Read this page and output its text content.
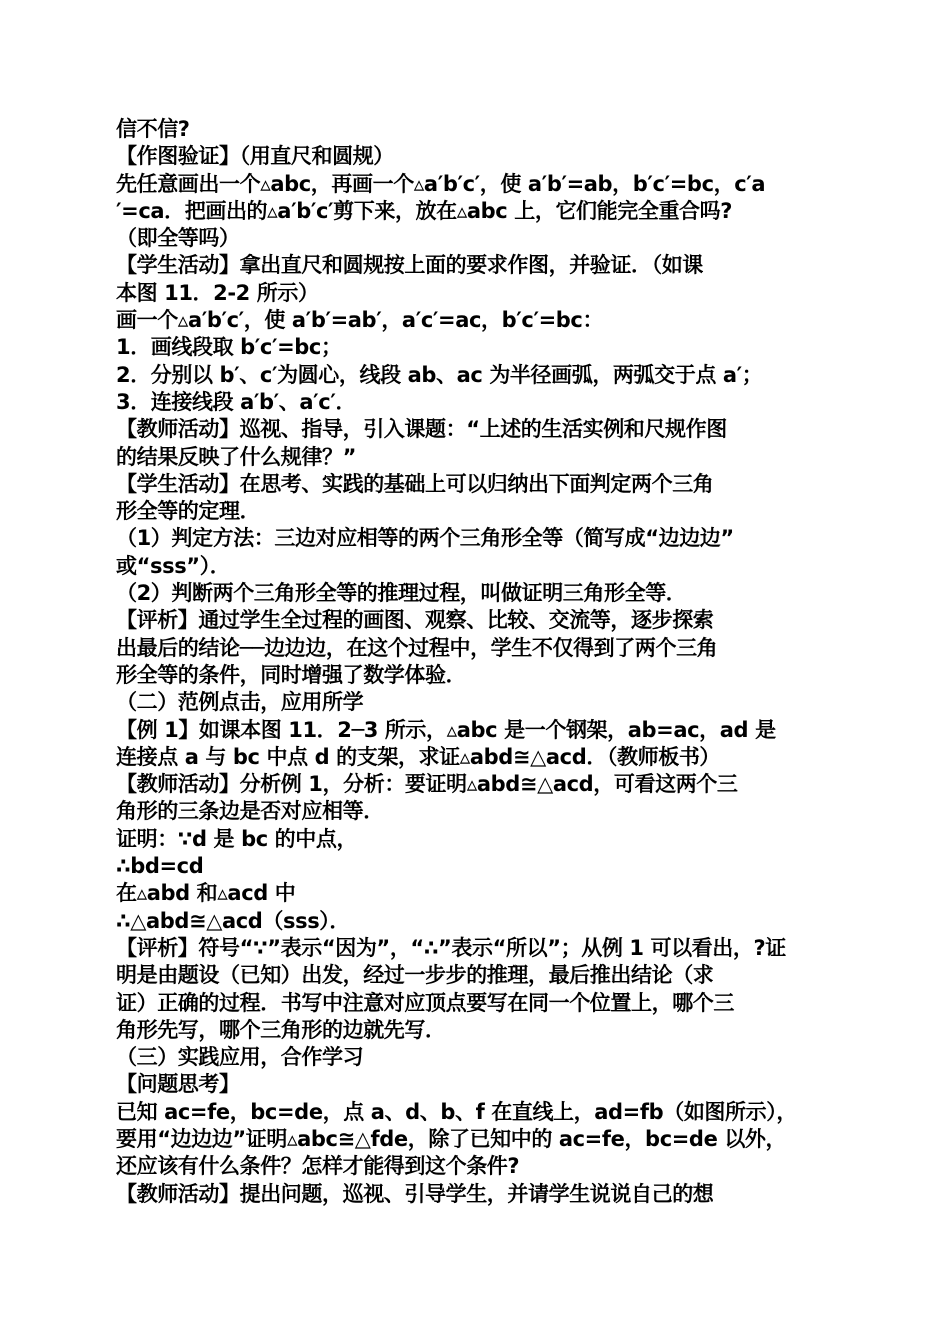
信不信?
【作图验证】（用直尺和圆规）
先任意画出一个▵abc，再画一个▵a′b′c′，使 a′b′=ab，b′c′=bc，c′a
′=ca．把画出的▵a′b′c′剪下来，放在▵abc 上，它们能完全重合吗?
（即全等吗）
【学生活动】拿出直尺和圆规按上面的要求作图，并验证．（如课
本图 11．2-2 所示）
画一个▵a′b′c′，使 a′b′=ab′，a′c′=ac，b′c′=bc：
1．画线段取 b′c′=bc；
2．分别以 b′、c′为圆心，线段 ab、ac 为半径画弧，两弧交于点 a′；
3．连接线段 a′b′、a′c′．
【教师活动】巡视、指导，引入课题：“上述的生活实例和尺规作图
的结果反映了什么规律？”
【学生活动】在思考、实践的基础上可以归纳出下面判定两个三角
形全等的定理．
（1）判定方法：三边对应相等的两个三角形全等（简写成“边边边”
或“sss”）．
（2）判断两个三角形全等的推理过程，叫做证明三角形全等．
【评析】通过学生全过程的画图、观察、比较、交流等，逐步探索
出最后的结论──边边边，在这个过程中，学生不仅得到了两个三角
形全等的条件，同时增强了数学体验．
（二）范例点击，应用所学
【例 1】如课本图 11．2─3 所示，▵abc 是一个钢架，ab=ac，ad 是
连接点 a 与 bc 中点 d 的支架，求证▵abd≅△acd．（教师板书）
【教师活动】分析例 1，分析：要证明▵abd≅△acd，可看这两个三
角形的三条边是否对应相等．
证明：∵d 是 bc 的中点，
∴bd=cd
在▵abd 和▵acd 中
∴△abd≅△acd（sss）．
【评析】符号“∵”表示“因为”，“∴”表示“所以”；从例 1 可以看出，?证
明是由题设（已知）出发，经过一步步的推理，最后推出结论（求
证）正确的过程．书写中注意对应顶点要写在同一个位置上，哪个三
角形先写，哪个三角形的边就先写．
（三）实践应用，合作学习
【问题思考】
已知 ac=fe，bc=de，点 a、d、b、f 在直线上，ad=fb（如图所示），
要用“边边边”证明▵abc≅△fde，除了已知中的 ac=fe，bc=de 以外，
还应该有什么条件？怎样才能得到这个条件?
【教师活动】提出问题，巡视、引导学生，并请学生说说自己的想
